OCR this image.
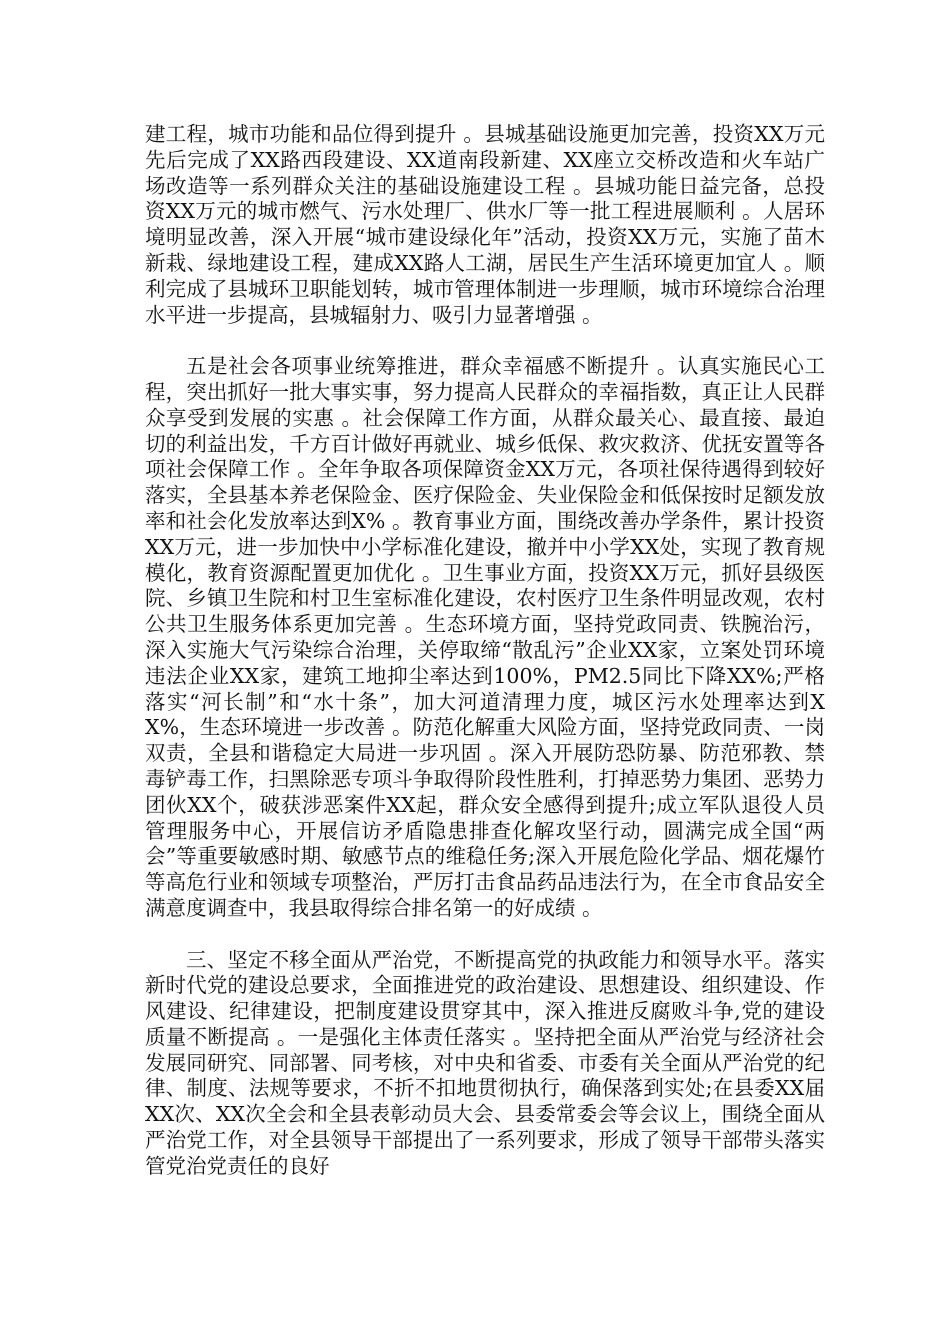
建工程，城市功能和品位得到提升 。县城基础设施更加完善，投资XX万元先后完成了XX路西段建设、XX道南段新建、XX座立交桥改造和火车站广场改造等一系列群众关注的基础设施建设工程 。县城功能日益完备，总投资XX万元的城市燃气、污水处理厂、供水厂等一批工程进展顺利 。人居环境明显改善，深入开展“城市建设绿化年”活动，投资XX万元，实施了苗木新栽、绿地建设工程，建成XX路人工湖，居民生产生活环境更加宜人 。顺利完成了县城环卫职能划转，城市管理体制进一步理顺，城市环境综合治理水平进一步提高，县城辐射力、吸引力显著增强 。

五是社会各项事业统筹推进，群众幸福感不断提升 。认真实施民心工程，突出抓好一批大事实事，努力提高人民群众的幸福指数，真正让人民群众享受到发展的实惠 。社会保障工作方面，从群众最关心、最直接、最迫切的利益出发，千方百计做好再就业、城乡低保、救灾救济、优抚安置等各项社会保障工作 。全年争取各项保障资金XX万元，各项社保待遇得到较好落实，全县基本养老保险金、医疗保险金、失业保险金和低保按时足额发放率和社会化发放率达到X% 。教育事业方面，围绕改善办学条件，累计投资XX万元，进一步加快中小学标准化建设，撤并中小学XX处，实现了教育规模化，教育资源配置更加优化 。卫生事业方面，投资XX万元，抓好县级医院、乡镇卫生院和村卫生室标准化建设，农村医疗卫生条件明显改观，农村公共卫生服务体系更加完善 。生态环境方面，坚持党政同责、铁腕治污，深入实施大气污染综合治理，关停取缔“散乱污”企业XX家，立案处罚环境违法企业XX家，建筑工地抑尘率达到100%，PM2.5同比下降XX%;严格落实“河长制”和“水十条”，加大河道清理力度，城区污水处理率达到XX%，生态环境进一步改善 。防范化解重大风险方面，坚持党政同责、一岗双责，全县和谐稳定大局进一步巩固 。深入开展防恐防暴、防范邪教、禁毒铲毒工作，扫黑除恶专项斗争取得阶段性胜利，打掉恶势力集团、恶势力团伙XX个，破获涉恶案件XX起，群众安全感得到提升;成立军队退役人员管理服务中心，开展信访矛盾隐患排查化解攻坚行动，圆满完成全国“两会”等重要敏感时期、敏感节点的维稳任务;深入开展危险化学品、烟花爆竹等高危行业和领域专项整治，严厉打击食品药品违法行为，在全市食品安全满意度调查中，我县取得综合排名第一的好成绩 。

三、坚定不移全面从严治党，不断提高党的执政能力和领导水平。落实新时代党的建设总要求，全面推进党的政治建设、思想建设、组织建设、作风建设、纪律建设，把制度建设贯穿其中，深入推进反腐败斗争,党的建设质量不断提高 。一是强化主体责任落实 。坚持把全面从严治党与经济社会发展同研究、同部署、同考核，对中央和省委、市委有关全面从严治党的纪律、制度、法规等要求，不折不扣地贯彻执行，确保落到实处;在县委XX届XX次、XX次全会和全县表彰动员大会、县委常委会等会议上，围绕全面从严治党工作，对全县领导干部提出了一系列要求，形成了领导干部带头落实管党治党责任的良好
